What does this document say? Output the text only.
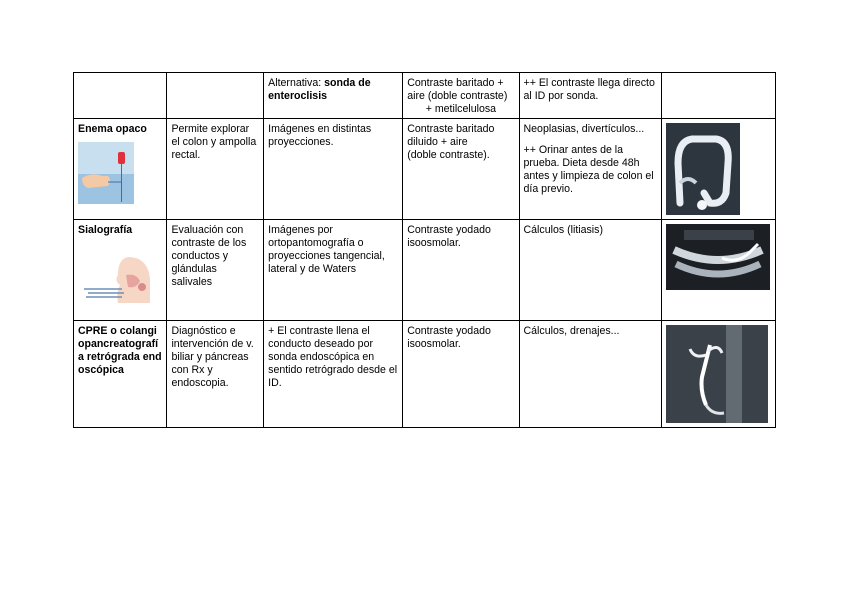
		Alternativa: sonda de enteroclisis	Contraste baritado + aire (doble contraste)
+ metilcelulosa	++ El contraste llega directo al ID por sonda.	

Enema opaco	Permite explorar el colon y ampolla rectal.	Imágenes en distintas proyecciones.	Contraste baritado
diluido + aire
(doble contraste).	Neoplasias, divertículos...
++ Orinar antes de la prueba. Dieta desde 48h antes y limpieza de colon el día previo.

Sialografía	Evaluación con contraste de los conductos y glándulas salivales	Imágenes por ortopantomografía o proyecciones tangencial, lateral y de Waters	Contraste yodado isoosmolar.	Cálculos (litiasis)	

CPRE o colangiopancreatografía retrógrada endoscópica	Diagnóstico e intervención de v. biliar y páncreas con Rx y endoscopia.	+ El contraste llena el conducto deseado por sonda endoscópica en sentido retrógrado desde el ID.	Contraste yodado isoosmolar.	Cálculos, drenajes...	
